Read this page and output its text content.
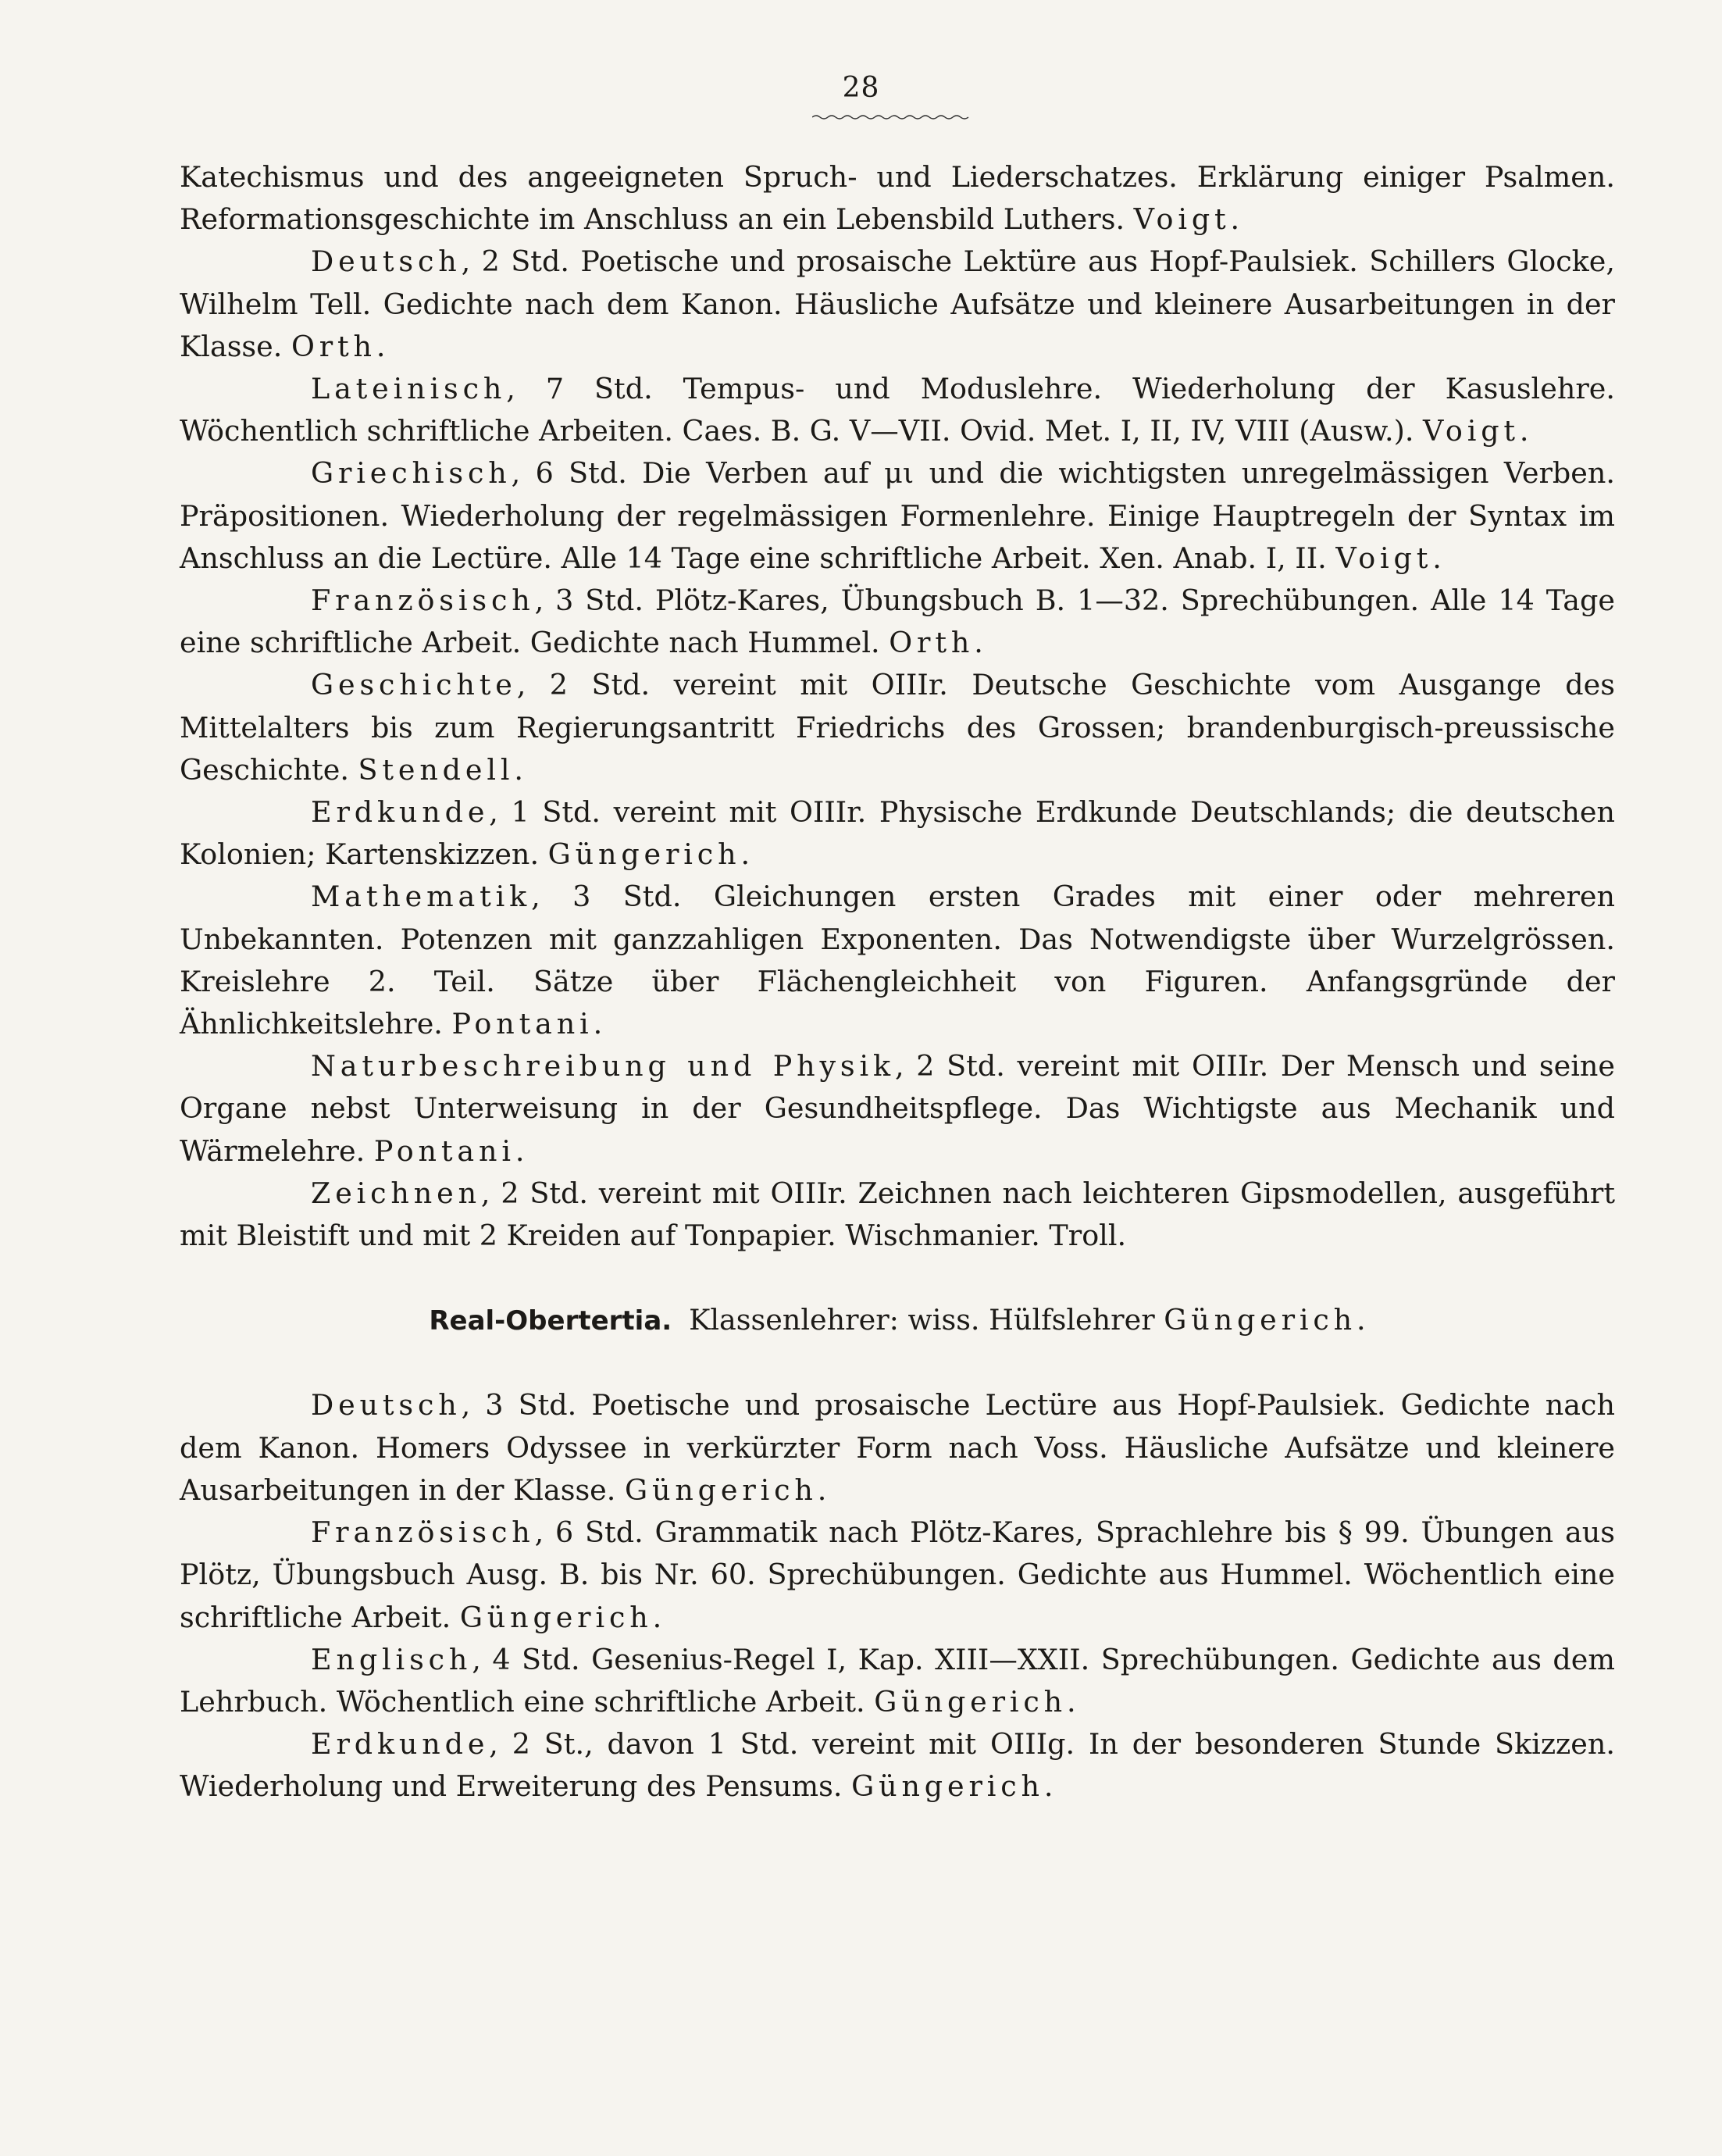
28

Katechismus und des angeeigneten Spruch- und Liederschatzes. Erklärung einiger Psalmen. Reformationsgeschichte im Anschluss an ein Lebensbild Luthers. Voigt.

Deutsch, 2 Std. Poetische und prosaische Lektüre aus Hopf-Paulsiek. Schillers Glocke, Wilhelm Tell. Gedichte nach dem Kanon. Häusliche Aufsätze und kleinere Ausarbeitungen in der Klasse. Orth.

Lateinisch, 7 Std. Tempus- und Moduslehre. Wiederholung der Kasuslehre. Wöchentlich schriftliche Arbeiten. Caes. B. G. V—VII. Ovid. Met. I, II, IV, VIII (Ausw.). Voigt.

Griechisch, 6 Std. Die Verben auf μι und die wichtigsten unregelmässigen Verben. Präpositionen. Wiederholung der regelmässigen Formenlehre. Einige Hauptregeln der Syntax im Anschluss an die Lectüre. Alle 14 Tage eine schriftliche Arbeit. Xen. Anab. I, II. Voigt.

Französisch, 3 Std. Plötz-Kares, Übungsbuch B. 1—32. Sprechübungen. Alle 14 Tage eine schriftliche Arbeit. Gedichte nach Hummel. Orth.

Geschichte, 2 Std. vereint mit OIIIr. Deutsche Geschichte vom Ausgange des Mittelalters bis zum Regierungsantritt Friedrichs des Grossen; brandenburgisch-preussische Geschichte. Stendell.

Erdkunde, 1 Std. vereint mit OIIIr. Physische Erdkunde Deutschlands; die deutschen Kolonien; Kartenskizzen. Güngerich.

Mathematik, 3 Std. Gleichungen ersten Grades mit einer oder mehreren Unbekannten. Potenzen mit ganzzahligen Exponenten. Das Notwendigste über Wurzelgrössen. Kreislehre 2. Teil. Sätze über Flächengleichheit von Figuren. Anfangsgründe der Ähnlichkeitslehre. Pontani.

Naturbeschreibung und Physik, 2 Std. vereint mit OIIIr. Der Mensch und seine Organe nebst Unterweisung in der Gesundheitspflege. Das Wichtigste aus Mechanik und Wärmelehre. Pontani.

Zeichnen, 2 Std. vereint mit OIIIr. Zeichnen nach leichteren Gipsmodellen, ausgeführt mit Bleistift und mit 2 Kreiden auf Tonpapier. Wischmanier. Troll.

Real-Obertertia. Klassenlehrer: wiss. Hülfslehrer Güngerich.

Deutsch, 3 Std. Poetische und prosaische Lectüre aus Hopf-Paulsiek. Gedichte nach dem Kanon. Homers Odyssee in verkürzter Form nach Voss. Häusliche Aufsätze und kleinere Ausarbeitungen in der Klasse. Güngerich.

Französisch, 6 Std. Grammatik nach Plötz-Kares, Sprachlehre bis § 99. Übungen aus Plötz, Übungsbuch Ausg. B. bis Nr. 60. Sprechübungen. Gedichte aus Hummel. Wöchentlich eine schriftliche Arbeit. Güngerich.

Englisch, 4 Std. Gesenius-Regel I, Kap. XIII—XXII. Sprechübungen. Gedichte aus dem Lehrbuch. Wöchentlich eine schriftliche Arbeit. Güngerich.

Erdkunde, 2 St., davon 1 Std. vereint mit OIIIg. In der besonderen Stunde Skizzen. Wiederholung und Erweiterung des Pensums. Güngerich.
